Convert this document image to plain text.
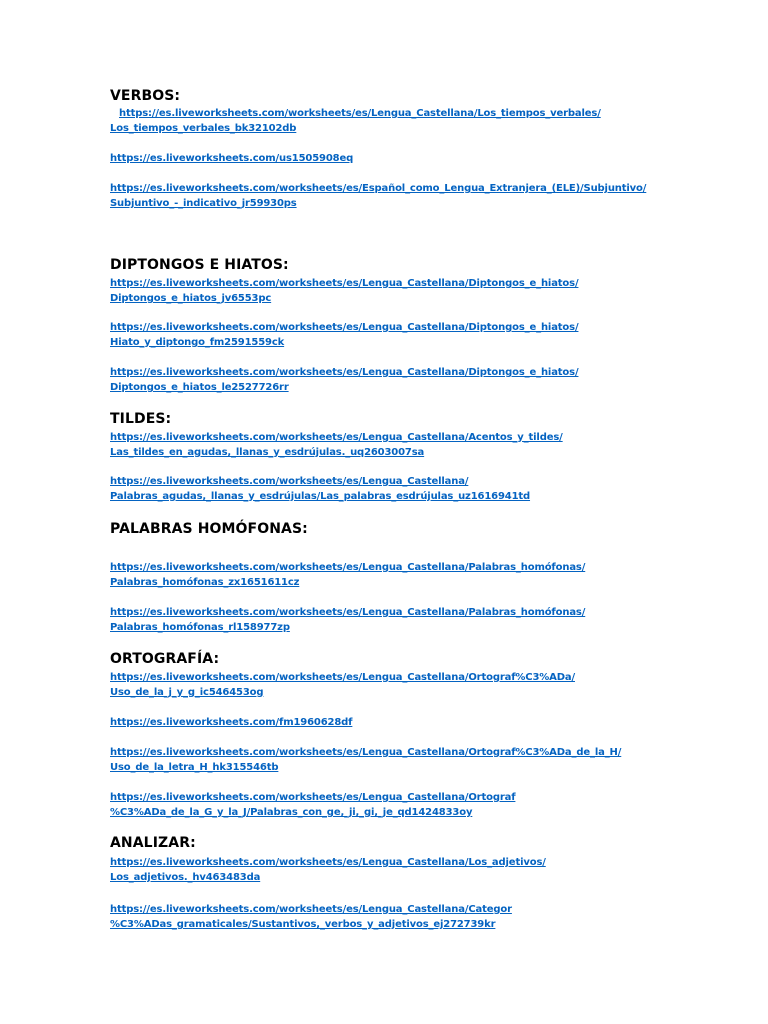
VERBOS:
https://es.liveworksheets.com/worksheets/es/Lengua_Castellana/Los_tiempos_verbales/
Los_tiempos_verbales_bk32102db
https://es.liveworksheets.com/us1505908eq
https://es.liveworksheets.com/worksheets/es/Español_como_Lengua_Extranjera_(ELE)/Subjuntivo/
Subjuntivo_-_indicativo_jr59930ps
DIPTONGOS E HIATOS:
https://es.liveworksheets.com/worksheets/es/Lengua_Castellana/Diptongos_e_hiatos/
Diptongos_e_hiatos_jv6553pc
https://es.liveworksheets.com/worksheets/es/Lengua_Castellana/Diptongos_e_hiatos/
Hiato_y_diptongo_fm2591559ck
https://es.liveworksheets.com/worksheets/es/Lengua_Castellana/Diptongos_e_hiatos/
Diptongos_e_hiatos_le2527726rr
TILDES:
https://es.liveworksheets.com/worksheets/es/Lengua_Castellana/Acentos_y_tildes/
Las_tildes_en_agudas,_llanas_y_esdrújulas._uq2603007sa
https://es.liveworksheets.com/worksheets/es/Lengua_Castellana/
Palabras_agudas,_llanas_y_esdrújulas/Las_palabras_esdrújulas_uz1616941td
PALABRAS HOMÓFONAS:
https://es.liveworksheets.com/worksheets/es/Lengua_Castellana/Palabras_homófonas/
Palabras_homófonas_zx1651611cz
https://es.liveworksheets.com/worksheets/es/Lengua_Castellana/Palabras_homófonas/
Palabras_homófonas_rl158977zp
ORTOGRAFÍA:
https://es.liveworksheets.com/worksheets/es/Lengua_Castellana/Ortograf%C3%ADa/
Uso_de_la_j_y_g_ic546453og
https://es.liveworksheets.com/fm1960628df
https://es.liveworksheets.com/worksheets/es/Lengua_Castellana/Ortograf%C3%ADa_de_la_H/
Uso_de_la_letra_H_hk315546tb
https://es.liveworksheets.com/worksheets/es/Lengua_Castellana/Ortograf
%C3%ADa_de_la_G_y_la_J/Palabras_con_ge,_ji,_gi,_je_qd1424833oy
ANALIZAR:
https://es.liveworksheets.com/worksheets/es/Lengua_Castellana/Los_adjetivos/
Los_adjetivos._hv463483da
https://es.liveworksheets.com/worksheets/es/Lengua_Castellana/Categor
%C3%ADas_gramaticales/Sustantivos,_verbos_y_adjetivos_ej272739kr
